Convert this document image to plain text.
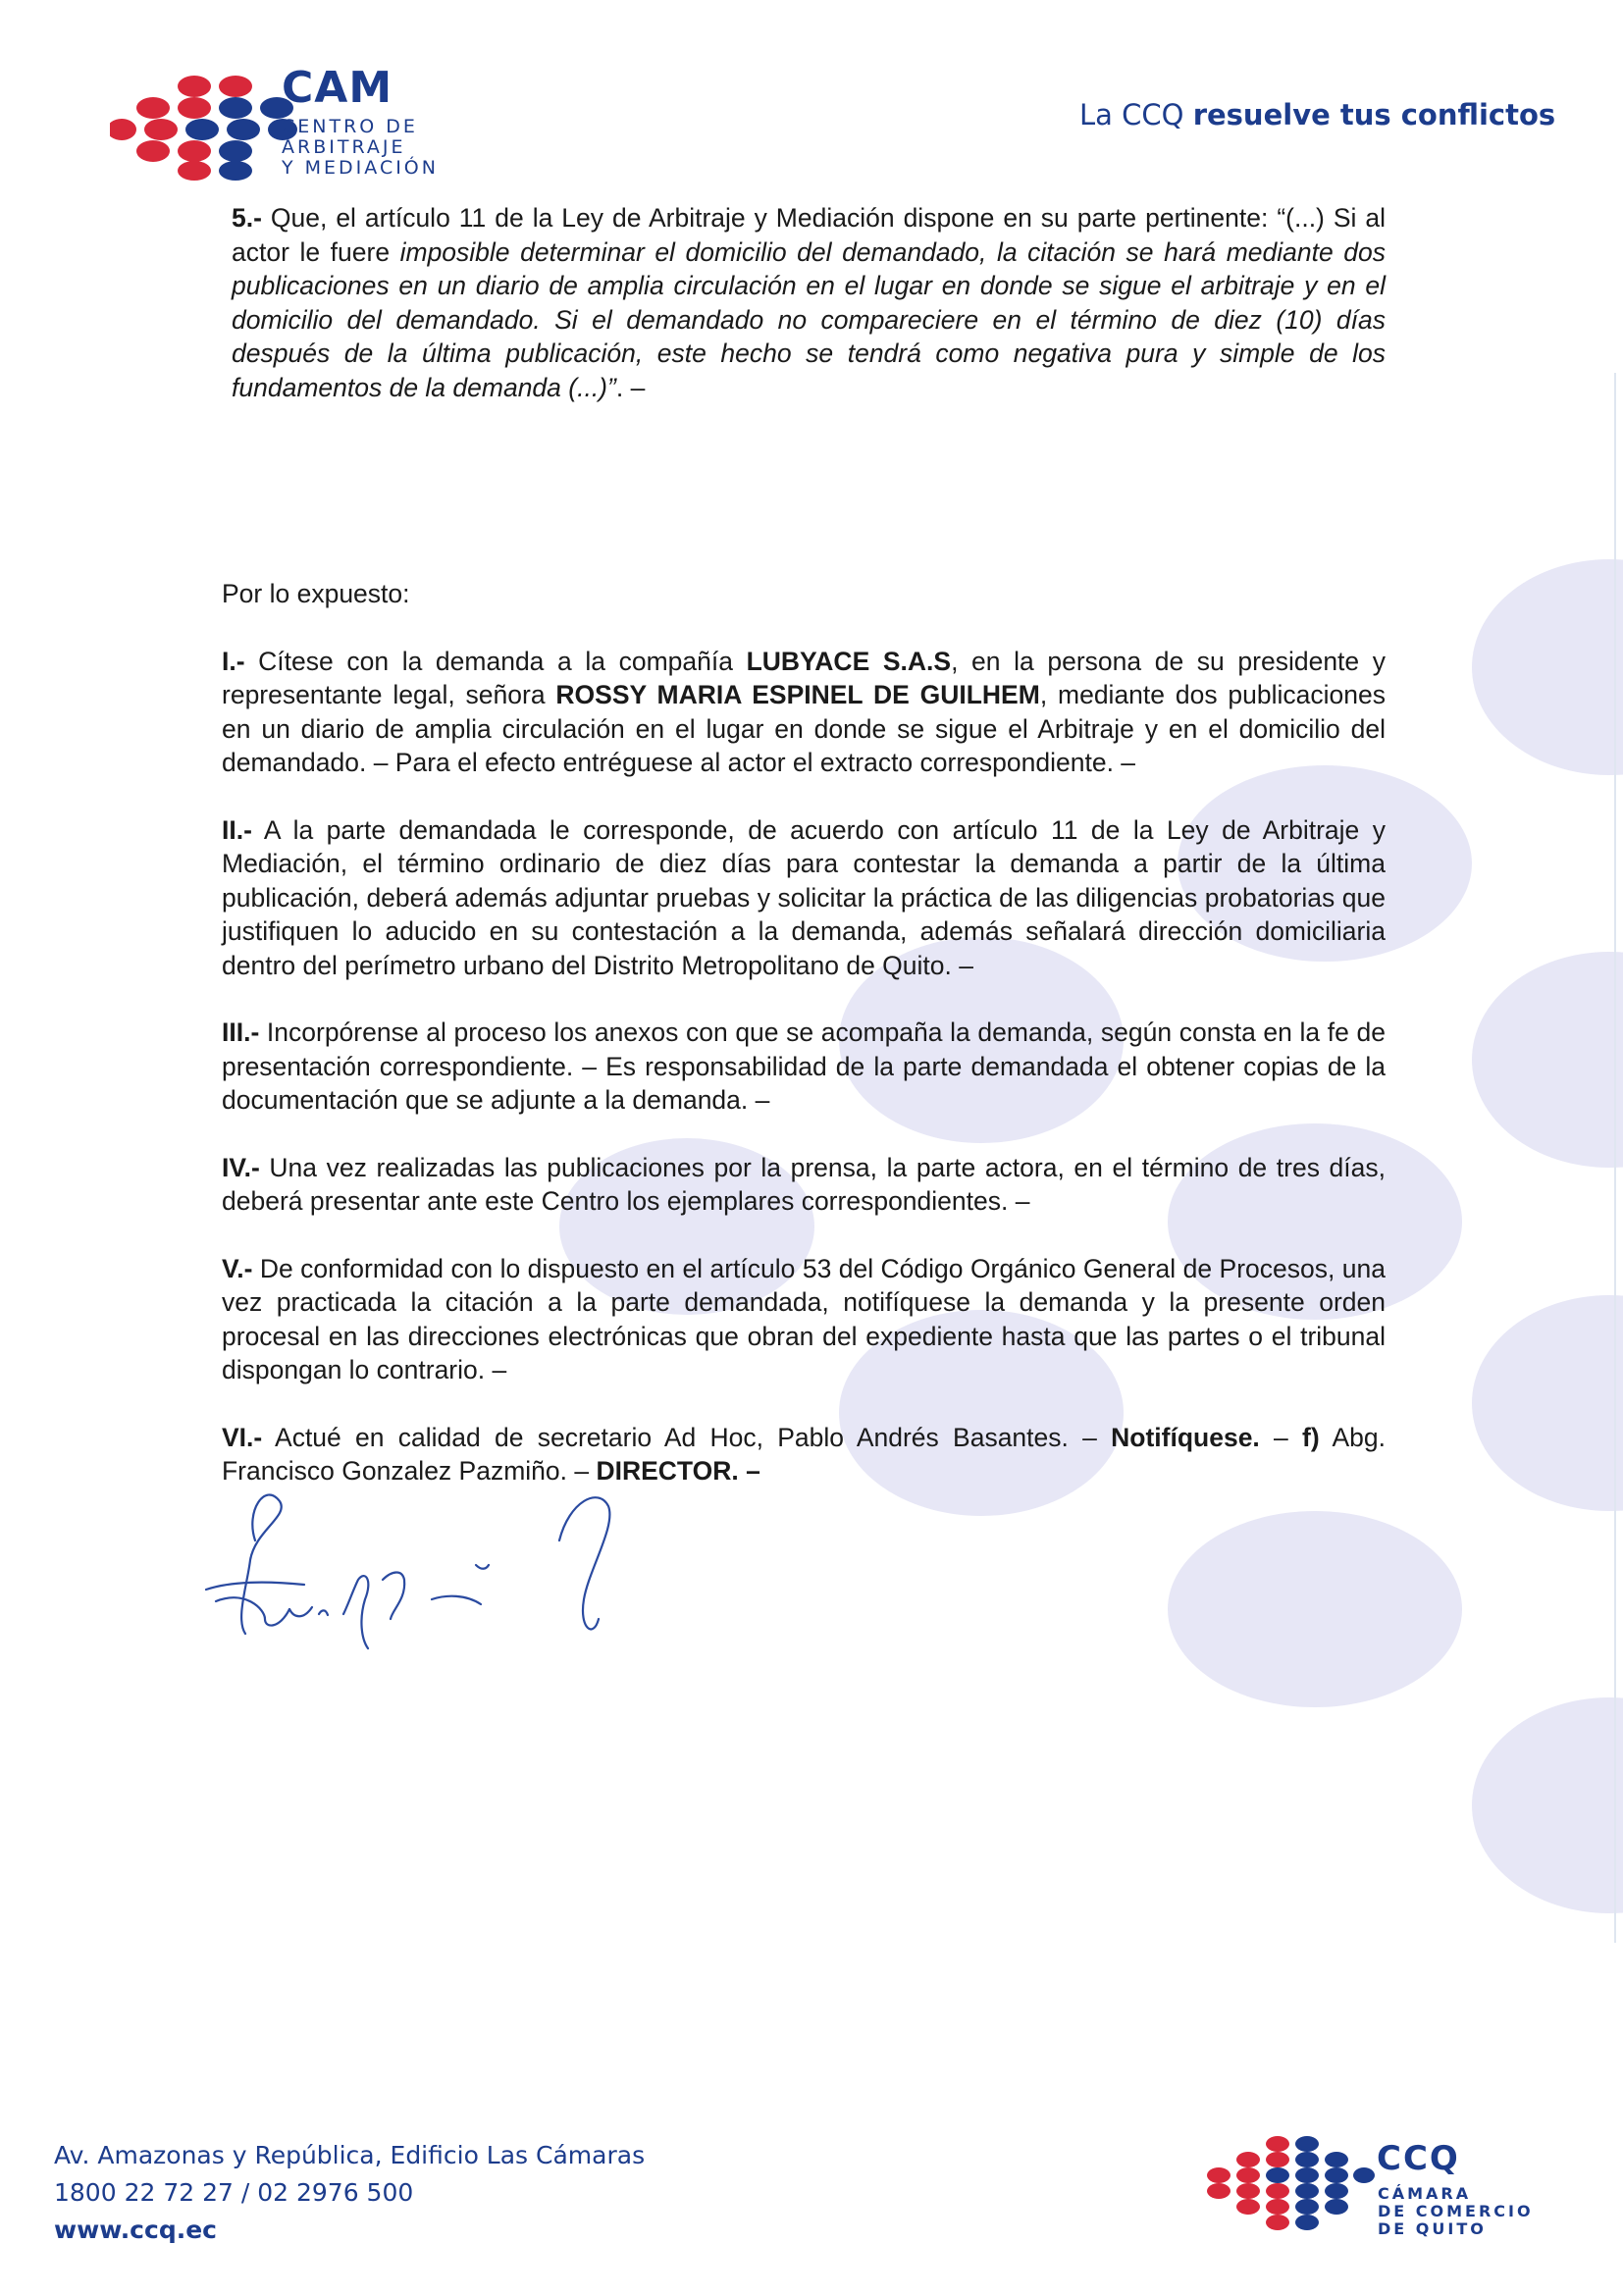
CAM
CENTRO DE
ARBITRAJE
Y MEDIACIÓN
La CCQ resuelve tus conflictos

5.- Que, el artículo 11 de la Ley de Arbitraje y Mediación dispone en su parte pertinente: “(...) Si al actor le fuere imposible determinar el domicilio del demandado, la citación se hará mediante dos publicaciones en un diario de amplia circulación en el lugar en donde se sigue el arbitraje y en el domicilio del demandado. Si el demandado no compareciere en el término de diez (10) días después de la última publicación, este hecho se tendrá como negativa pura y simple de los fundamentos de la demanda (...)”. –

Por lo expuesto:

I.- Cítese con la demanda a la compañía LUBYACE S.A.S, en la persona de su presidente y representante legal, señora ROSSY MARIA ESPINEL DE GUILHEM, mediante dos publicaciones en un diario de amplia circulación en el lugar en donde se sigue el Arbitraje y en el domicilio del demandado. – Para el efecto entréguese al actor el extracto correspondiente. –

II.- A la parte demandada le corresponde, de acuerdo con artículo 11 de la Ley de Arbitraje y Mediación, el término ordinario de diez días para contestar la demanda a partir de la última publicación, deberá además adjuntar pruebas y solicitar la práctica de las diligencias probatorias que justifiquen lo aducido en su contestación a la demanda, además señalará dirección domiciliaria dentro del perímetro urbano del Distrito Metropolitano de Quito. –

III.- Incorpórense al proceso los anexos con que se acompaña la demanda, según consta en la fe de presentación correspondiente. – Es responsabilidad de la parte demandada el obtener copias de la documentación que se adjunte a la demanda. –

IV.- Una vez realizadas las publicaciones por la prensa, la parte actora, en el término de tres días, deberá presentar ante este Centro los ejemplares correspondientes. –

V.- De conformidad con lo dispuesto en el artículo 53 del Código Orgánico General de Procesos, una vez practicada la citación a la parte demandada, notifíquese la demanda y la presente orden procesal en las direcciones electrónicas que obran del expediente hasta que las partes o el tribunal dispongan lo contrario. –

VI.- Actué en calidad de secretario Ad Hoc, Pablo Andrés Basantes. – Notifíquese. – f) Abg. Francisco Gonzalez Pazmiño. – DIRECTOR. –

Av. Amazonas y República, Edificio Las Cámaras
1800 22 72 27 / 02 2976 500
www.ccq.ec
CCQ
CÁMARA
DE COMERCIO
DE QUITO
